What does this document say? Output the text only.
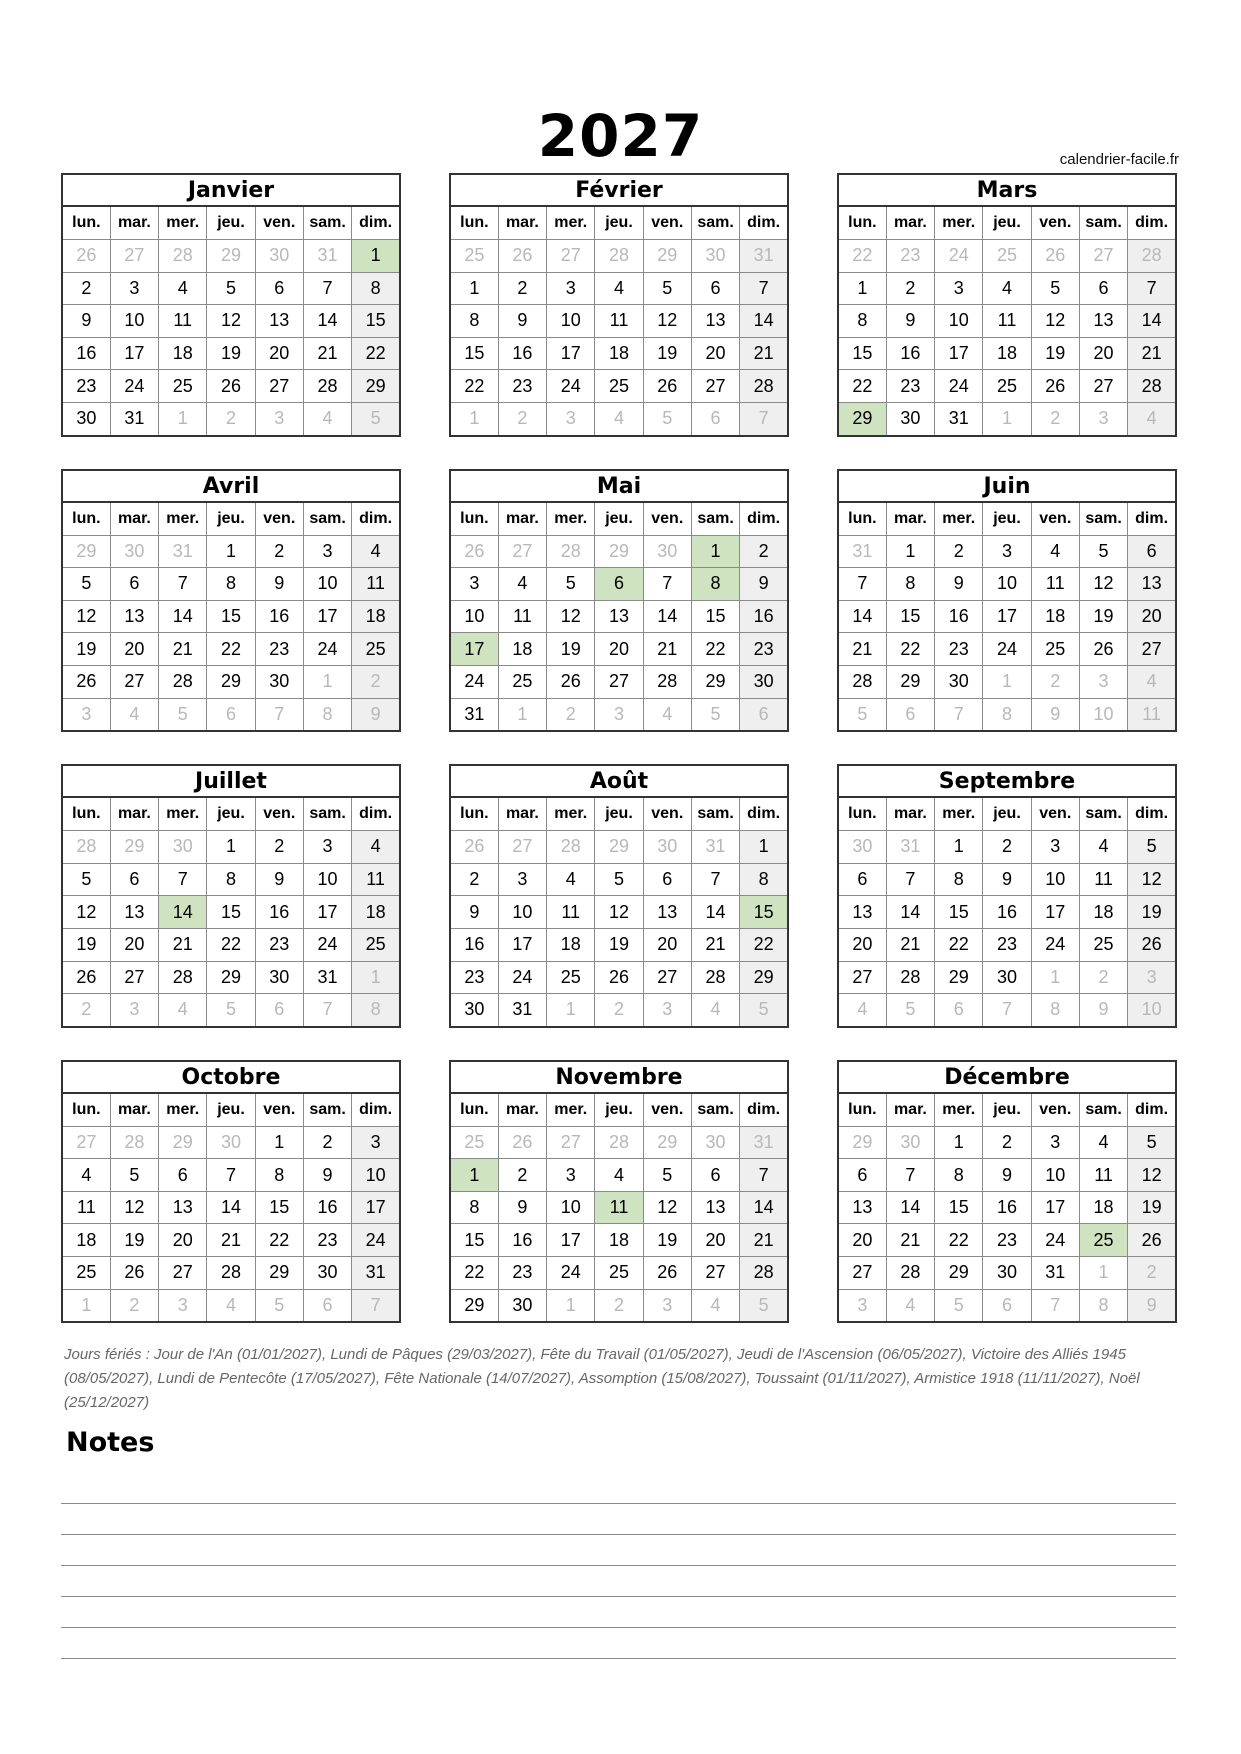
2027	calendrier-facile.fr
Janvier
lun.	mar.	mer.	jeu.	ven.	sam.	dim.
26	27	28	29	30	31	1
2	3	4	5	6	7	8
9	10	11	12	13	14	15
16	17	18	19	20	21	22
23	24	25	26	27	28	29
30	31	1	2	3	4	5
Février
lun.	mar.	mer.	jeu.	ven.	sam.	dim.
25	26	27	28	29	30	31
1	2	3	4	5	6	7
8	9	10	11	12	13	14
15	16	17	18	19	20	21
22	23	24	25	26	27	28
1	2	3	4	5	6	7
Mars
lun.	mar.	mer.	jeu.	ven.	sam.	dim.
22	23	24	25	26	27	28
1	2	3	4	5	6	7
8	9	10	11	12	13	14
15	16	17	18	19	20	21
22	23	24	25	26	27	28
29	30	31	1	2	3	4
Avril
lun.	mar.	mer.	jeu.	ven.	sam.	dim.
29	30	31	1	2	3	4
5	6	7	8	9	10	11
12	13	14	15	16	17	18
19	20	21	22	23	24	25
26	27	28	29	30	1	2
3	4	5	6	7	8	9
Mai
lun.	mar.	mer.	jeu.	ven.	sam.	dim.
26	27	28	29	30	1	2
3	4	5	6	7	8	9
10	11	12	13	14	15	16
17	18	19	20	21	22	23
24	25	26	27	28	29	30
31	1	2	3	4	5	6
Juin
lun.	mar.	mer.	jeu.	ven.	sam.	dim.
31	1	2	3	4	5	6
7	8	9	10	11	12	13
14	15	16	17	18	19	20
21	22	23	24	25	26	27
28	29	30	1	2	3	4
5	6	7	8	9	10	11
Juillet
lun.	mar.	mer.	jeu.	ven.	sam.	dim.
28	29	30	1	2	3	4
5	6	7	8	9	10	11
12	13	14	15	16	17	18
19	20	21	22	23	24	25
26	27	28	29	30	31	1
2	3	4	5	6	7	8
Août
lun.	mar.	mer.	jeu.	ven.	sam.	dim.
26	27	28	29	30	31	1
2	3	4	5	6	7	8
9	10	11	12	13	14	15
16	17	18	19	20	21	22
23	24	25	26	27	28	29
30	31	1	2	3	4	5
Septembre
lun.	mar.	mer.	jeu.	ven.	sam.	dim.
30	31	1	2	3	4	5
6	7	8	9	10	11	12
13	14	15	16	17	18	19
20	21	22	23	24	25	26
27	28	29	30	1	2	3
4	5	6	7	8	9	10
Octobre
lun.	mar.	mer.	jeu.	ven.	sam.	dim.
27	28	29	30	1	2	3
4	5	6	7	8	9	10
11	12	13	14	15	16	17
18	19	20	21	22	23	24
25	26	27	28	29	30	31
1	2	3	4	5	6	7
Novembre
lun.	mar.	mer.	jeu.	ven.	sam.	dim.
25	26	27	28	29	30	31
1	2	3	4	5	6	7
8	9	10	11	12	13	14
15	16	17	18	19	20	21
22	23	24	25	26	27	28
29	30	1	2	3	4	5
Décembre
lun.	mar.	mer.	jeu.	ven.	sam.	dim.
29	30	1	2	3	4	5
6	7	8	9	10	11	12
13	14	15	16	17	18	19
20	21	22	23	24	25	26
27	28	29	30	31	1	2
3	4	5	6	7	8	9
Jours fériés : Jour de l'An (01/01/2027), Lundi de Pâques (29/03/2027), Fête du Travail (01/05/2027), Jeudi de l'Ascension (06/05/2027), Victoire des Alliés 1945 (08/05/2027), Lundi de Pentecôte (17/05/2027), Fête Nationale (14/07/2027), Assomption (15/08/2027), Toussaint (01/11/2027), Armistice 1918 (11/11/2027), Noël (25/12/2027)
Notes
